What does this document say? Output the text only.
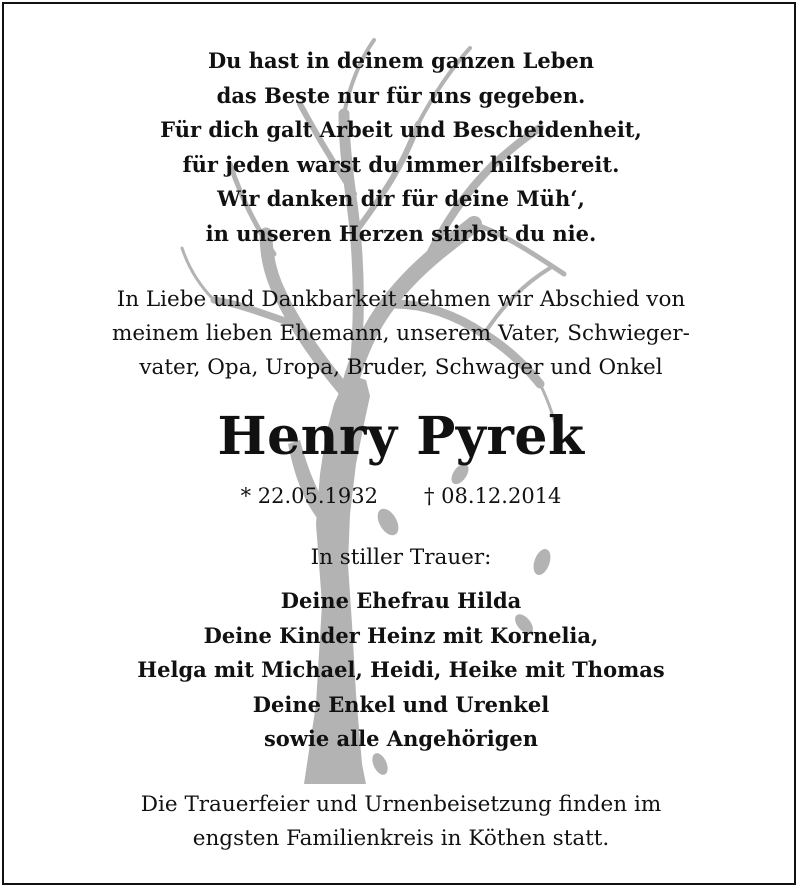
Du hast in deinem ganzen Leben
das Beste nur für uns gegeben.
Für dich galt Arbeit und Bescheidenheit,
für jeden warst du immer hilfsbereit.
Wir danken dir für deine Müh‘,
in unseren Herzen stirbst du nie.
In Liebe und Dankbarkeit nehmen wir Abschied von
meinem lieben Ehemann, unserem Vater, Schwieger-
vater, Opa, Uropa, Bruder, Schwager und Onkel
Henry Pyrek
* 22.05.1932 † 08.12.2014
In stiller Trauer:
Deine Ehefrau Hilda
Deine Kinder Heinz mit Kornelia,
Helga mit Michael, Heidi, Heike mit Thomas
Deine Enkel und Urenkel
sowie alle Angehörigen
Die Trauerfeier und Urnenbeisetzung finden im
engsten Familienkreis in Köthen statt.
